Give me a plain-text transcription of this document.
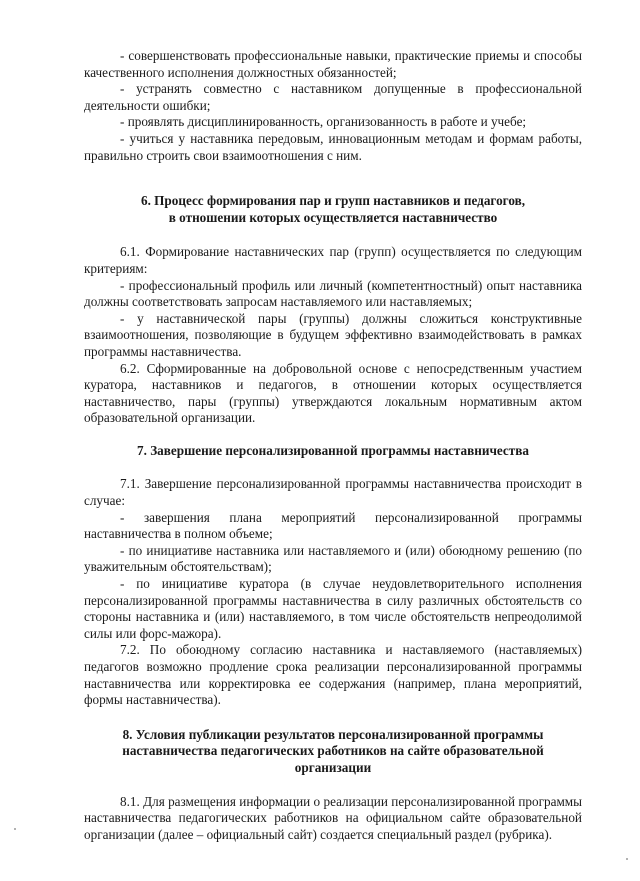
- совершенствовать профессиональные навыки, практические приемы и способы качественного исполнения должностных обязанностей;

- устранять совместно с наставником допущенные в профессиональной деятельности ошибки;

- проявлять дисциплинированность, организованность в работе и учебе;

- учиться у наставника передовым, инновационным методам и формам работы, правильно строить свои взаимоотношения с ним.

6. Процесс формирования пар и групп наставников и педагогов,
в отношении которых осуществляется наставничество

6.1. Формирование наставнических пар (групп) осуществляется по следующим критериям:

- профессиональный профиль или личный (компетентностный) опыт наставника должны соответствовать запросам наставляемого или наставляемых;

- у наставнической пары (группы) должны сложиться конструктивные взаимоотношения, позволяющие в будущем эффективно взаимодействовать в рамках программы наставничества.

6.2. Сформированные на добровольной основе с непосредственным участием куратора, наставников и педагогов, в отношении которых осуществляется наставничество, пары (группы) утверждаются локальным нормативным актом образовательной организации.

7. Завершение персонализированной программы наставничества

7.1. Завершение персонализированной программы наставничества происходит в случае:

- завершения плана мероприятий персонализированной программы наставничества в полном объеме;

- по инициативе наставника или наставляемого и (или) обоюдному решению (по уважительным обстоятельствам);

- по инициативе куратора (в случае неудовлетворительного исполнения персонализированной программы наставничества в силу различных обстоятельств со стороны наставника и (или) наставляемого, в том числе обстоятельств непреодолимой силы или форс-мажора).

7.2. По обоюдному согласию наставника и наставляемого (наставляемых) педагогов возможно продление срока реализации персонализированной программы наставничества или корректировка ее содержания (например, плана мероприятий, формы наставничества).

8. Условия публикации результатов персонализированной программы
наставничества педагогических работников на сайте образовательной
организации

8.1. Для размещения информации о реализации персонализированной программы наставничества педагогических работников на официальном сайте образовательной организации (далее – официальный сайт) создается специальный раздел (рубрика).
